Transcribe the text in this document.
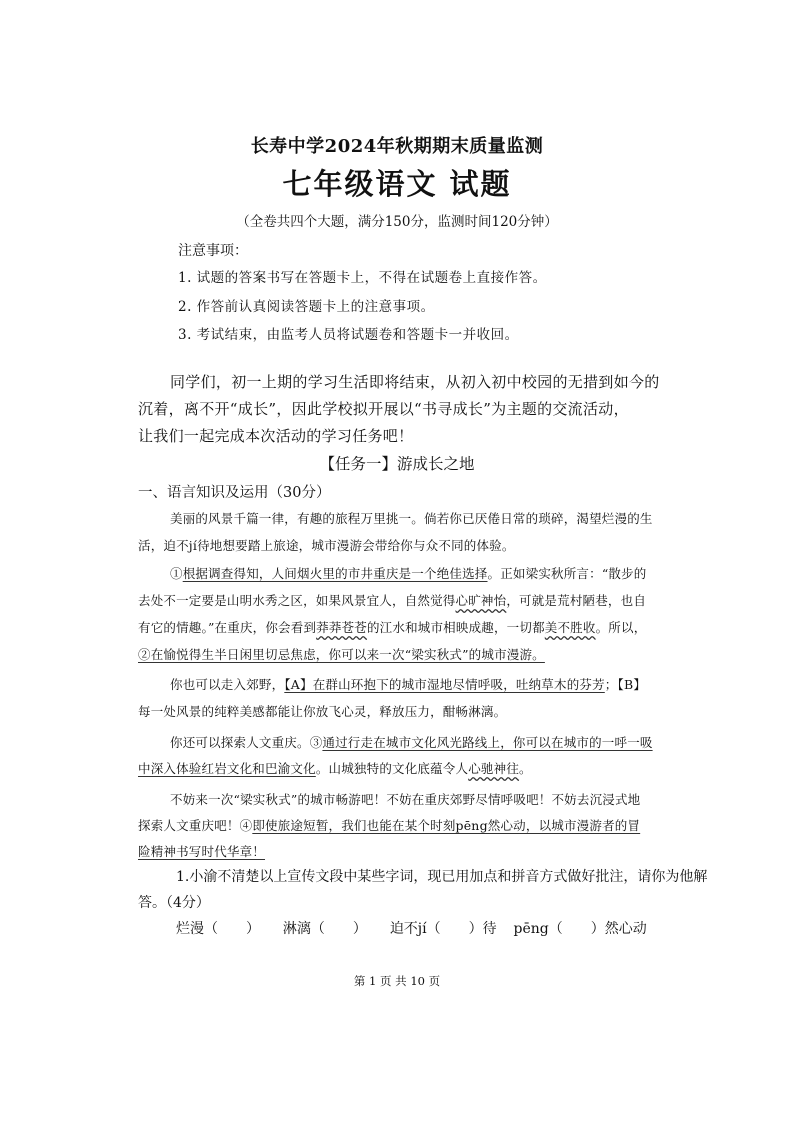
长寿中学2024年秋期期末质量监测
七年级语文 试题
（全卷共四个大题，满分150分，监测时间120分钟）
注意事项：
1. 试题的答案书写在答题卡上，不得在试题卷上直接作答。
2. 作答前认真阅读答题卡上的注意事项。
3. 考试结束，由监考人员将试题卷和答题卡一并收回。
同学们，初一上期的学习生活即将结束，从初入初中校园的无措到如今的
沉着，离不开“成长”，因此学校拟开展以“书寻成长”为主题的交流活动，
让我们一起完成本次活动的学习任务吧！
【任务一】游成长之地
一、语言知识及运用（30分）
美丽的风景千篇一律，有趣的旅程万里挑一。倘若你已厌倦日常的琐碎，渴望烂漫的生
活，迫不jí待地想要踏上旅途，城市漫游会带给你与众不同的体验。
①根据调查得知，人间烟火里的市井重庆是一个绝佳选择。正如梁实秋所言：“散步的
去处不一定要是山明水秀之区，如果风景宜人，自然觉得心旷神怡，可就是荒村陋巷，也自
有它的情趣。”在重庆，你会看到莽莽苍苍的江水和城市相映成趣，一切都美不胜收。所以，
②在愉悦得生半日闲里切忌焦虑，你可以来一次“梁实秋式”的城市漫游。
你也可以走入郊野，【A】在群山环抱下的城市湿地尽情呼吸，吐纳草木的芬芳；【B】
每一处风景的纯粹美感都能让你放飞心灵，释放压力，酣畅淋漓。
你还可以探索人文重庆。③通过行走在城市文化风光路线上，你可以在城市的一呼一吸
中深入体验红岩文化和巴渝文化。山城独特的文化底蕴令人心驰神往。
不妨来一次“梁实秋式”的城市畅游吧！不妨在重庆郊野尽情呼吸吧！不妨去沉浸式地
探索人文重庆吧！④即使旅途短暂，我们也能在某个时刻pēng然心动，以城市漫游者的冒
险精神书写时代华章！
1.小渝不清楚以上宣传文段中某些字词，现已用加点和拼音方式做好批注，请你为他解
答。（4分）
烂漫（　　） 淋漓（　　） 迫不jí（　　）待 pēng（　　）然心动
第 1 页 共 10 页
